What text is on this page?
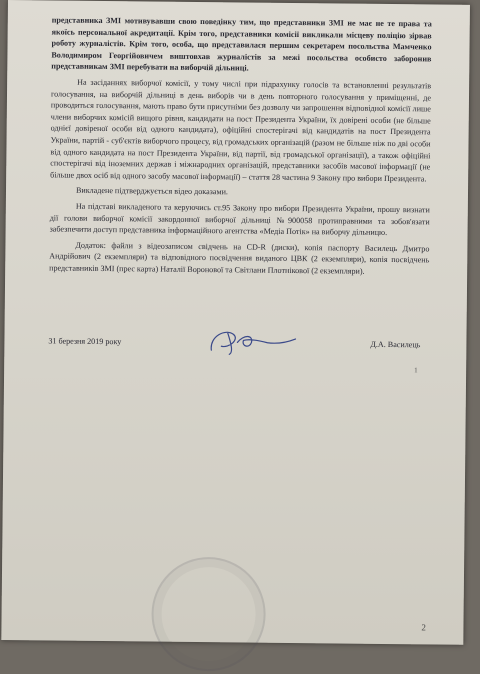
представника ЗМІ мотивувавши свою поведінку тим, що представники ЗМІ не має не те права та якоїсь персональної акредитації. Крім того, представники комісії викликали місцеву поліцію зірвав роботу журналістів. Крім того, особа, що представилася першим секретарем посольства Мамченко Володимиром Георгійовичем виштовхав журналістів за межі посольства особисто заборонив представникам ЗМІ перебувати на виборчій дільниці.

На засіданнях виборчої комісії, у тому числі при підрахунку голосів та встановленні результатів голосування, на виборчій дільниці в день виборів чи в день повторного голосування у приміщенні, де проводиться голосування, мають право бути присутніми без дозволу чи запрошення відповідної комісії лише члени виборчих комісій вищого рівня, кандидати на пост Президента України, їх довірені особи (не більше однієї довіреної особи від одного кандидата), офіційні спостерігачі від кандидатів на пост Президента України, партій - суб'єктів виборчого процесу, від громадських організацій (разом не більше ніж по дві особи від одного кандидата на пост Президента України, від партії, від громадської організації), а також офіційні спостерігачі від іноземних держав і міжнародних організацій, представники засобів масової інформації (не більше двох осіб від одного засобу масової інформації) – стаття 28 частина 9 Закону про вибори Президента.

Викладене підтверджується відео доказами.

На підставі викладеного та керуючись ст.95 Закону про вибори Президента України, прошу визнати дії голови виборчої комісії закордонної виборчої дільниці №900058 протиправними та зобов'язати забезпечити доступ представника інформаційного агентства «Медіа Потік» на виборчу дільницю.

Додаток: файли з відеозаписом свідчень на CD-R (диски), копія паспорту Василець Дмитро Андрійович (2 екземпляри) та відповідного посвідчення виданого ЦВК (2 екземпляри), копія посвідчень представників ЗМІ (прес карта) Наталії Воронової та Світлани Плотнікової (2 екземпляри).

31 березня 2019 року	Д.А. Василець
1
2
